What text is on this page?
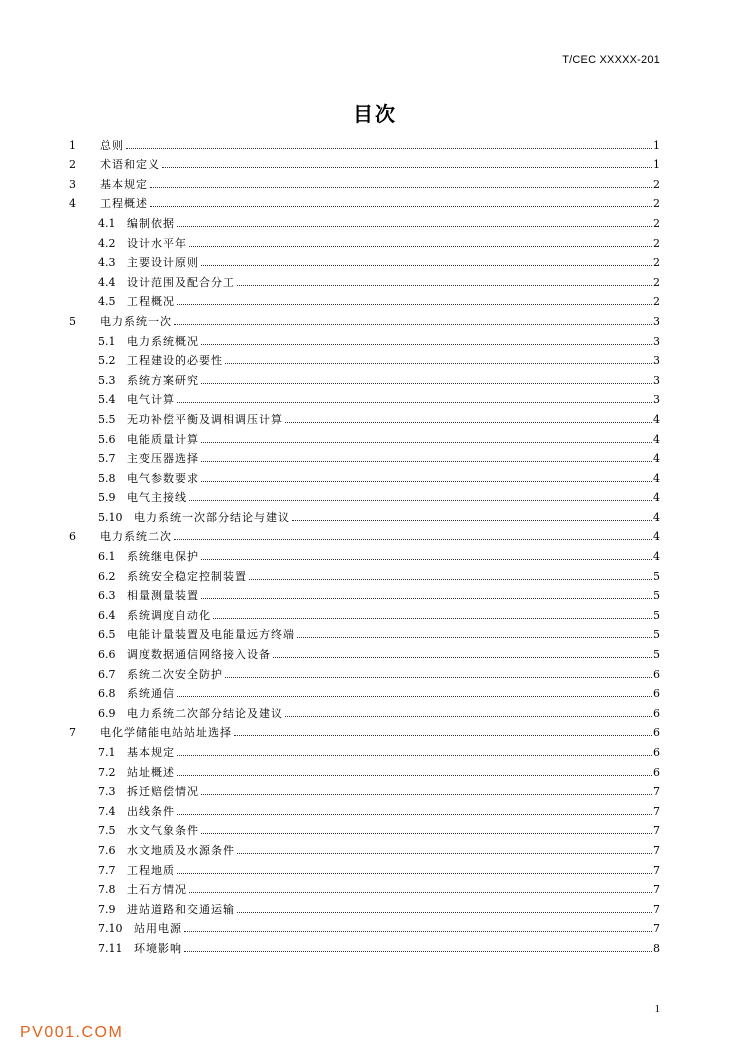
T/CEC XXXXX-201
目次
1	总则	1
2	术语和定义	1
3	基本规定	2
4	工程概述	2
4.1	编制依据	2
4.2	设计水平年	2
4.3	主要设计原则	2
4.4	设计范围及配合分工	2
4.5	工程概况	2
5	电力系统一次	3
5.1	电力系统概况	3
5.2	工程建设的必要性	3
5.3	系统方案研究	3
5.4	电气计算	3
5.5	无功补偿平衡及调相调压计算	4
5.6	电能质量计算	4
5.7	主变压器选择	4
5.8	电气参数要求	4
5.9	电气主接线	4
5.10	电力系统一次部分结论与建议	4
6	电力系统二次	4
6.1	系统继电保护	4
6.2	系统安全稳定控制装置	5
6.3	相量测量装置	5
6.4	系统调度自动化	5
6.5	电能计量装置及电能量远方终端	5
6.6	调度数据通信网络接入设备	5
6.7	系统二次安全防护	6
6.8	系统通信	6
6.9	电力系统二次部分结论及建议	6
7	电化学储能电站站址选择	6
7.1	基本规定	6
7.2	站址概述	6
7.3	拆迁赔偿情况	7
7.4	出线条件	7
7.5	水文气象条件	7
7.6	水文地质及水源条件	7
7.7	工程地质	7
7.8	土石方情况	7
7.9	进站道路和交通运输	7
7.10	站用电源	7
7.11	环境影响	8
1
PV001.COM
